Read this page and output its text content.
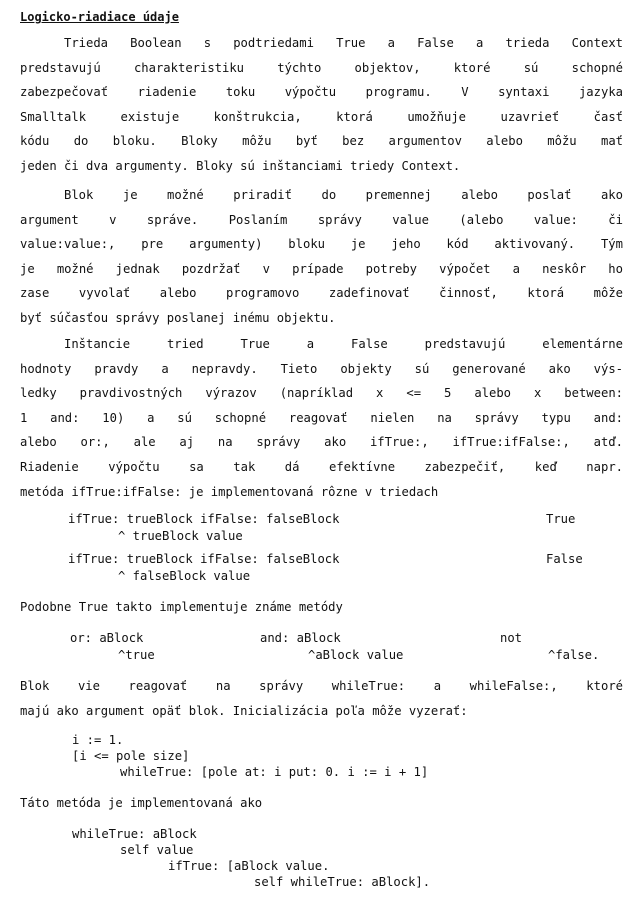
Logicko-riadiace údaje
Trieda Boolean s podtriedami True a False a trieda Context
predstavujú charakteristiku týchto objektov, ktoré sú schopné
zabezpečovať riadenie toku výpočtu programu. V syntaxi jazyka
Smalltalk existuje konštrukcia, ktorá umožňuje uzavrieť časť
kódu do bloku. Bloky môžu byť bez argumentov alebo môžu mať
jeden či dva argumenty. Bloky sú inštanciami triedy Context.
Blok je možné priradiť do premennej alebo poslať ako
argument v správe. Poslaním správy value (alebo value: či
value:value:, pre argumenty) bloku je jeho kód aktivovaný. Tým
je možné jednak pozdržať v prípade potreby výpočet a neskôr ho
zase vyvolať alebo programovo zadefinovať činnosť, ktorá môže
byť súčasťou správy poslanej inému objektu.
Inštancie tried True a False predstavujú elementárne
hodnoty pravdy a nepravdy. Tieto objekty sú generované ako výs-
ledky pravdivostných výrazov (napríklad x <= 5 alebo x between:
1 and: 10) a sú schopné reagovať nielen na správy typu and:
alebo or:, ale aj na správy ako ifTrue:, ifTrue:ifFalse:, atď.
Riadenie výpočtu sa tak dá efektívne zabezpečiť, keď napr.
metóda ifTrue:ifFalse: je implementovaná rôzne v triedach
ifTrue: trueBlock ifFalse: falseBlock	True
^ trueBlock value
ifTrue: trueBlock ifFalse: falseBlock	False
^ falseBlock value
Podobne True takto implementuje známe metódy
or: aBlock
^true
and: aBlock
^aBlock value
not
^false.
Blok vie reagovať na správy whileTrue: a whileFalse:, ktoré
majú ako argument opäť blok. Inicializácia poľa môže vyzerať:
i := 1.
[i <= pole size]
whileTrue: [pole at: i put: 0. i := i + 1]
Táto metóda je implementovaná ako
whileTrue: aBlock
self value
ifTrue: [aBlock value.
self whileTrue: aBlock].
